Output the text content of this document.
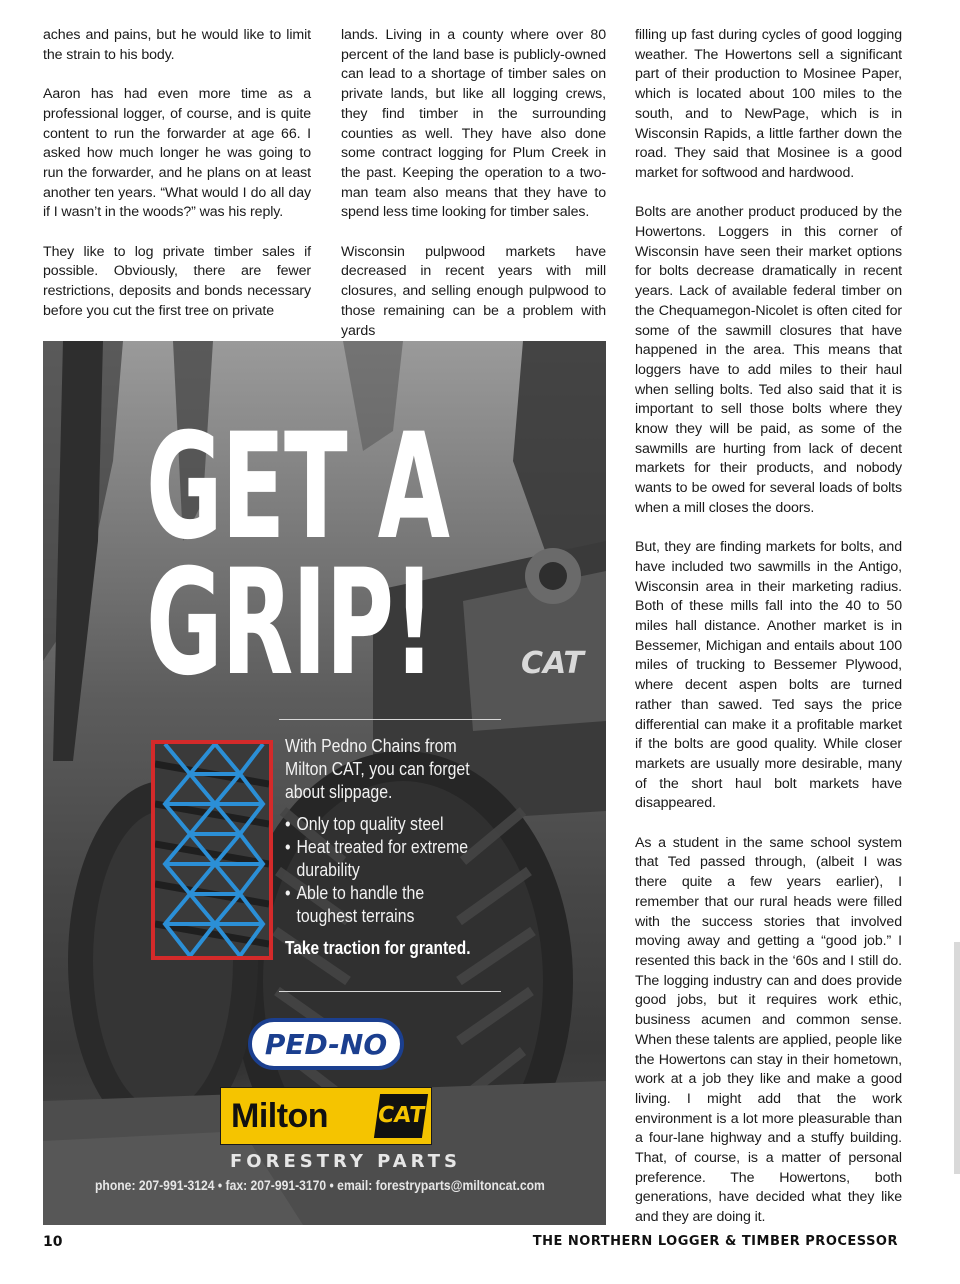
aches and pains, but he would like to limit the strain to his body.

Aaron has had even more time as a professional logger, of course, and is quite content to run the forwarder at age 66. I asked how much longer he was going to run the forwarder, and he plans on at least another ten years. “What would I do all day if I wasn’t in the woods?” was his reply.

They like to log private timber sales if possible. Obviously, there are fewer restrictions, deposits and bonds necessary before you cut the first tree on private

lands. Living in a county where over 80 percent of the land base is publicly-owned can lead to a shortage of timber sales on private lands, but like all logging crews, they find timber in the surrounding counties as well. They have also done some contract logging for Plum Creek in the past. Keeping the operation to a two-man team also means that they have to spend less time looking for timber sales.

Wisconsin pulpwood markets have decreased in recent years with mill closures, and selling enough pulpwood to those remaining can be a problem with yards

filling up fast during cycles of good logging weather. The Howertons sell a significant part of their production to Mosinee Paper, which is located about 100 miles to the south, and to NewPage, which is in Wisconsin Rapids, a little farther down the road. They said that Mosinee is a good market for softwood and hardwood.

Bolts are another product produced by the Howertons. Loggers in this corner of Wisconsin have seen their market options for bolts decrease dramatically in recent years. Lack of available federal timber on the Chequamegon-Nicolet is often cited for some of the sawmill closures that have happened in the area. This means that loggers have to add miles to their haul when selling bolts. Ted also said that it is important to sell those bolts where they know they will be paid, as some of the sawmills are hurting from lack of decent markets for their products, and nobody wants to be owed for several loads of bolts when a mill closes the doors.

But, they are finding markets for bolts, and have included two sawmills in the Antigo, Wisconsin area in their marketing radius. Both of these mills fall into the 40 to 50 miles hall distance. Another market is in Bessemer, Michigan and entails about 100 miles of trucking to Bessemer Plywood, where decent aspen bolts are turned rather than sawed. Ted says the price differential can make it a profitable market if the bolts are good quality. While closer markets are usually more desirable, many of the short haul bolt markets have disappeared.

As a student in the same school system that Ted passed through, (albeit I was there quite a few years earlier), I remember that our rural heads were filled with the success stories that involved moving away and getting a “good job.” I resented this back in the ‘60s and I still do. The logging industry can and does provide good jobs, but it requires work ethic, business acumen and common sense. When these talents are applied, people like the Howertons can stay in their hometown, work at a job they like and make a good living. I might add that the work environment is a lot more pleasurable than a four-lane highway and a stuffy building. That, of course, is a matter of personal preference. The Howertons, both generations, have decided what they like and they are doing it.

CAT
GET A
GRIP!

With Pedno Chains from Milton CAT, you can forget about slippage.

• Only top quality steel
• Heat treated for extreme durability
• Able to handle the toughest terrains
Take traction for granted.
PED-NO
Milton CAT
FORESTRY PARTS
phone: 207-991-3124 • fax: 207-991-3170 • email: forestryparts@miltoncat.com
10	THE NORTHERN LOGGER & TIMBER PROCESSOR
